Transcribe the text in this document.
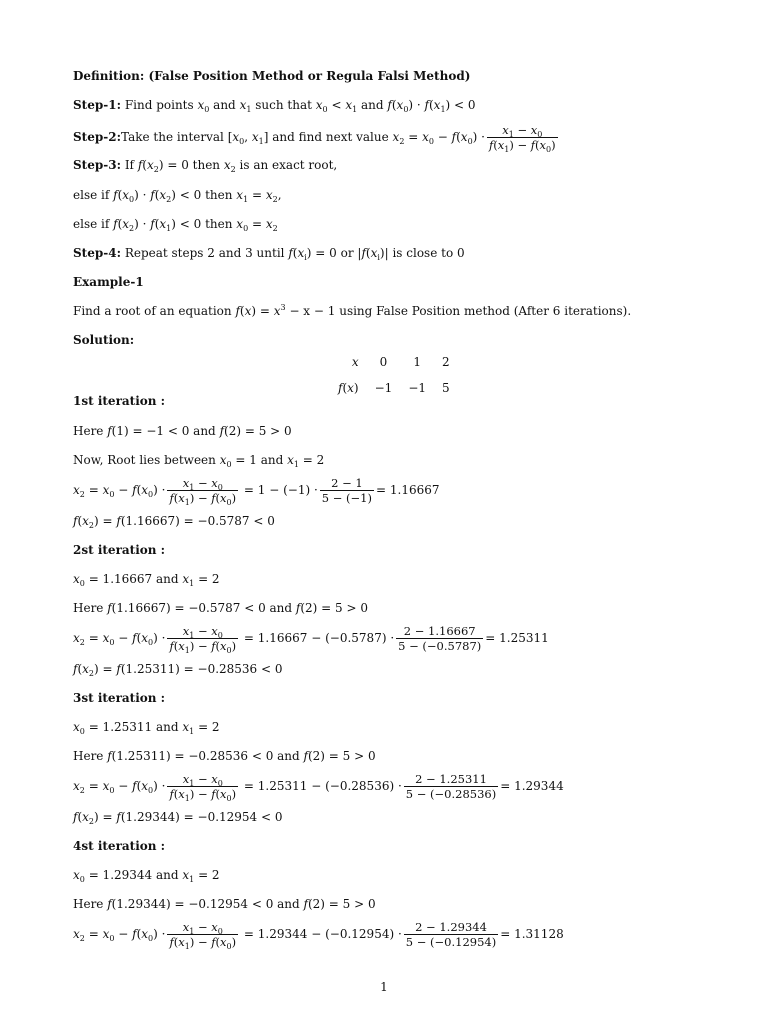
Definition: (False Position Method or Regula Falsi Method)
Step-1: Find points $x_0$ and $x_1$ such that $x_0 < x_1$ and $f(x_0) \cdot f(x_1) < 0$
Step-2: Take the interval [$x_0$, $x_1$] and find next value $x_2 = x_0 - f(x_0) \cdot \frac{x_1 - x_0}{f(x_1) - f(x_0)}$
Step-3: If $f(x_2) = 0$ then $x_2$ is an exact root,
else if $f(x_0) \cdot f(x_2) < 0$ then $x_1 = x_2$,
else if $f(x_2) \cdot f(x_1) < 0$ then $x_0 = x_2$
Step-4: Repeat steps 2 and 3 until $f(x_i) = 0$ or $|f(x_i)|$ is close to 0
Example-1
Find a root of an equation $f(x) = x^3 - x - 1$ using False Position method (After 6 iterations).
Solution:
x	0	1	2
f(x)	−1	−1	5
1st iteration :
Here f(1) = −1 < 0 and f(2) = 5 > 0
Now, Root lies between $x_0 = 1$ and $x_1 = 2$
$x_2 = x_0 - f(x_0) \cdot \frac{x_1 - x_0}{f(x_1) - f(x_0)} = 1 - (-1) \cdot \frac{2 - 1}{5 - (-1)} = 1.16667$
$f(x_2) = f(1.16667) = -0.5787 < 0$
2st iteration :
$x_0 = 1.16667$ and $x_1 = 2$
Here f(1.16667) = −0.5787 < 0 and f(2) = 5 > 0
$x_2 = x_0 - f(x_0) \cdot \frac{x_1 - x_0}{f(x_1) - f(x_0)} = 1.16667 - (-0.5787) \cdot \frac{2 - 1.16667}{5 - (-0.5787)} = 1.25311$
$f(x_2) = f(1.25311) = -0.28536 < 0$
3st iteration :
$x_0 = 1.25311$ and $x_1 = 2$
Here f(1.25311) = −0.28536 < 0 and f(2) = 5 > 0
$x_2 = x_0 - f(x_0) \cdot \frac{x_1 - x_0}{f(x_1) - f(x_0)} = 1.25311 - (-0.28536) \cdot \frac{2 - 1.25311}{5 - (-0.28536)} = 1.29344$
$f(x_2) = f(1.29344) = -0.12954 < 0$
4st iteration :
$x_0 = 1.29344$ and $x_1 = 2$
Here f(1.29344) = −0.12954 < 0 and f(2) = 5 > 0
$x_2 = x_0 - f(x_0) \cdot \frac{x_1 - x_0}{f(x_1) - f(x_0)} = 1.29344 - (-0.12954) \cdot \frac{2 - 1.29344}{5 - (-0.12954)} = 1.31128$
1
